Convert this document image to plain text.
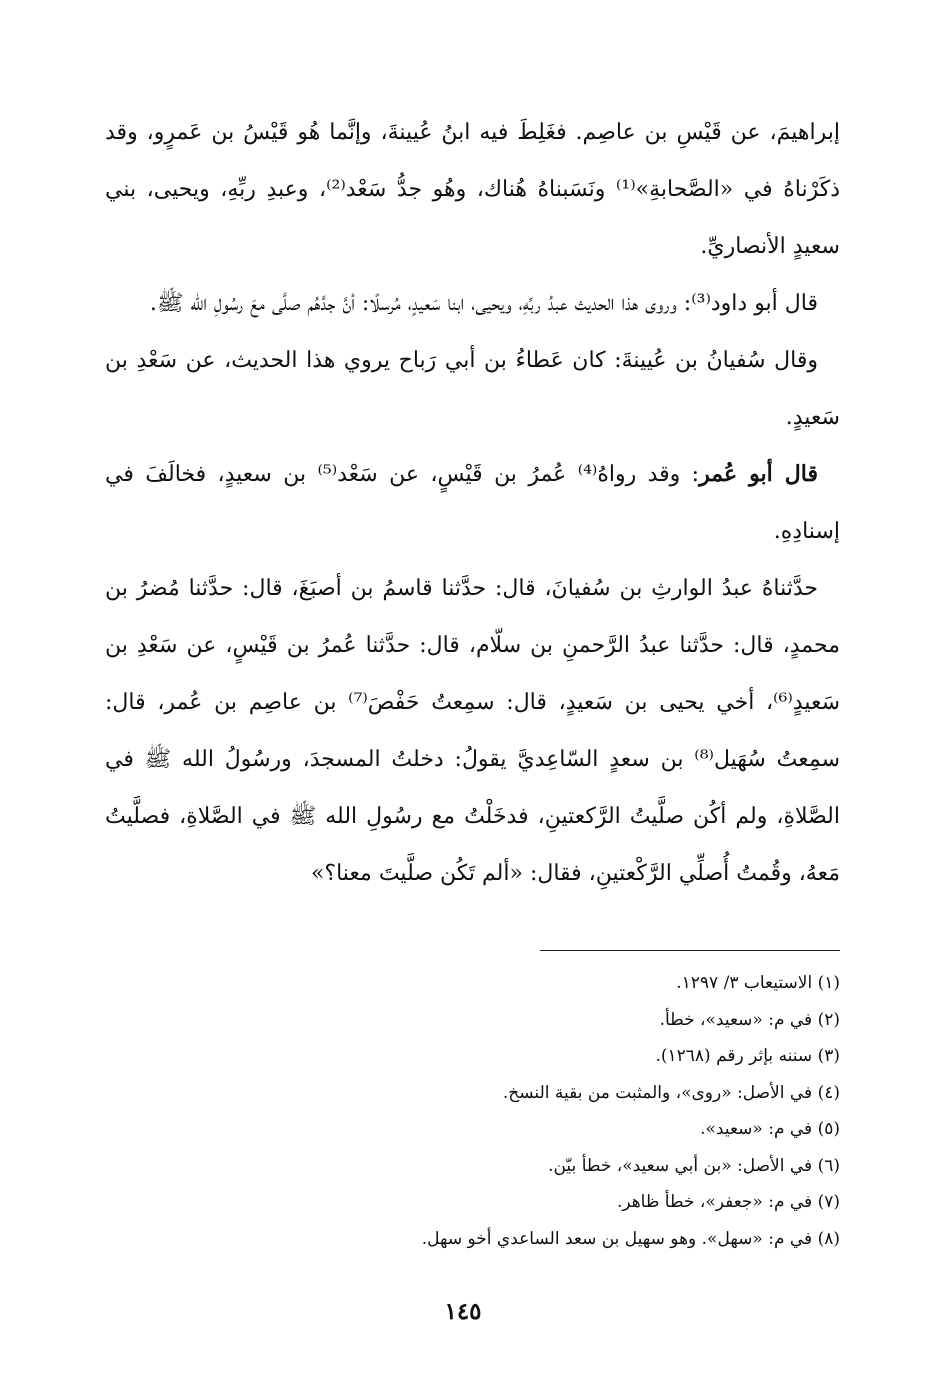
إبراهيمَ، عن قَيْسِ بن عاصِم. فغَلِطَ فيه ابنُ عُيينةَ، وإنَّما هُو قَيْسُ بن عَمرٍو، وقد ذكَرْناهُ في «الصَّحابةِ»⁽¹⁾ ونَسَبناهُ هُناك، وهُو جدُّ سَعْد⁽²⁾، وعبدِ ربِّهِ، ويحيى، بني سعيدٍ الأنصاريِّ.

قال أبو داود⁽³⁾: وروى هذا الحديث عبدُ ربِّهِ، ويحيى، ابنا سَعيدٍ، مُرسلًا: أنَّ جدَّهُم صلَّى معَ رسُولِ الله ﷺ.

وقال سُفيانُ بن عُيينةَ: كان عَطاءُ بن أبي رَباح يروي هذا الحديث، عن سَعْدِ بن سَعيدٍ.

قال أبو عُمر: وقد رواهُ⁽⁴⁾ عُمرُ بن قَيْسٍ، عن سَعْد⁽⁵⁾ بن سعيدٍ، فخالَفَ في إسنادِهِ.

حدَّثناهُ عبدُ الوارثِ بن سُفيانَ، قال: حدَّثنا قاسمُ بن أصبَغَ، قال: حدَّثنا مُضرُ بن محمدٍ، قال: حدَّثنا عبدُ الرَّحمنِ بن سلّام، قال: حدَّثنا عُمرُ بن قَيْسٍ، عن سَعْدِ بن سَعيدٍ⁽⁶⁾، أخي يحيى بن سَعيدٍ، قال: سمِعتُ حَفْصَ⁽⁷⁾ بن عاصِم بن عُمر، قال: سمِعتُ سُهَيل⁽⁸⁾ بن سعدٍ السّاعِديَّ يقولُ: دخلتُ المسجدَ، ورسُولُ الله ﷺ في الصَّلاةِ، ولم أكُن صلَّيتُ الرَّكعتينِ، فدخَلْتُ مع رسُولِ الله ﷺ في الصَّلاةِ، فصلَّيتُ مَعهُ، وقُمتُ أُصلِّي الرَّكْعتينِ، فقال: «ألم تَكُن صلَّيتَ معنا؟»

(١) الاستيعاب ٣/ ١٢٩٧.
(٢) في م: «سعيد»، خطأ.
(٣) سننه بإثر رقم (١٢٦٨).
(٤) في الأصل: «روى»، والمثبت من بقية النسخ.
(٥) في م: «سعيد».
(٦) في الأصل: «بن أبي سعيد»، خطأ بيّن.
(٧) في م: «جعفر»، خطأ ظاهر.
(٨) في م: «سهل». وهو سهيل بن سعد الساعدي أخو سهل.
١٤٥
